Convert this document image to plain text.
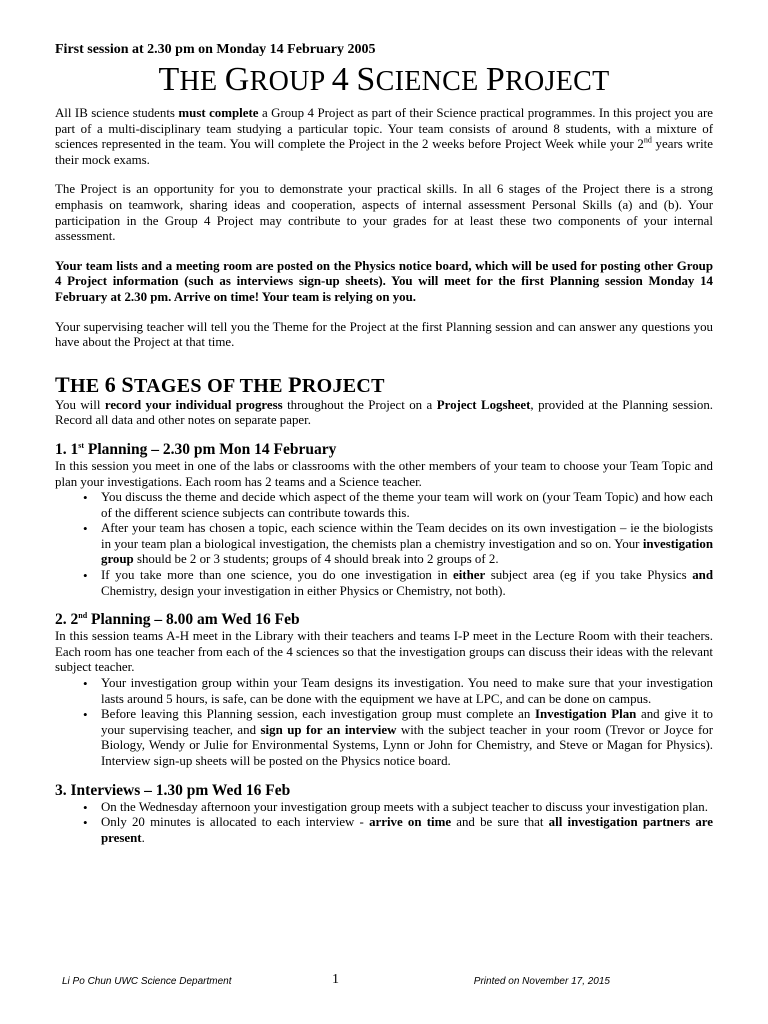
First session at 2.30 pm on Monday 14 February 2005
THE GROUP 4 SCIENCE PROJECT

All IB science students must complete a Group 4 Project as part of their Science practical programmes. In this project you are part of a multi-disciplinary team studying a particular topic. Your team consists of around 8 students, with a mixture of sciences represented in the team. You will complete the Project in the 2 weeks before Project Week while your 2nd years write their mock exams.

The Project is an opportunity for you to demonstrate your practical skills. In all 6 stages of the Project there is a strong emphasis on teamwork, sharing ideas and cooperation, aspects of internal assessment Personal Skills (a) and (b). Your participation in the Group 4 Project may contribute to your grades for at least these two components of your internal assessment.

Your team lists and a meeting room are posted on the Physics notice board, which will be used for posting other Group 4 Project information (such as interviews sign-up sheets). You will meet for the first Planning session Monday 14 February at 2.30 pm. Arrive on time! Your team is relying on you.

Your supervising teacher will tell you the Theme for the Project at the first Planning session and can answer any questions you have about the Project at that time.

THE 6 STAGES OF THE PROJECT

You will record your individual progress throughout the Project on a Project Logsheet, provided at the Planning session. Record all data and other notes on separate paper.

1. 1st Planning – 2.30 pm Mon 14 February

In this session you meet in one of the labs or classrooms with the other members of your team to choose your Team Topic and plan your investigations. Each room has 2 teams and a Science teacher.

• You discuss the theme and decide which aspect of the theme your team will work on (your Team Topic) and how each of the different science subjects can contribute towards this.
• After your team has chosen a topic, each science within the Team decides on its own investigation – ie the biologists in your team plan a biological investigation, the chemists plan a chemistry investigation and so on. Your investigation group should be 2 or 3 students; groups of 4 should break into 2 groups of 2.
• If you take more than one science, you do one investigation in either subject area (eg if you take Physics and Chemistry, design your investigation in either Physics or Chemistry, not both).
2. 2nd Planning – 8.00 am Wed 16 Feb

In this session teams A-H meet in the Library with their teachers and teams I-P meet in the Lecture Room with their teachers. Each room has one teacher from each of the 4 sciences so that the investigation groups can discuss their ideas with the relevant subject teacher.

• Your investigation group within your Team designs its investigation. You need to make sure that your investigation lasts around 5 hours, is safe, can be done with the equipment we have at LPC, and can be done on campus.
• Before leaving this Planning session, each investigation group must complete an Investigation Plan and give it to your supervising teacher, and sign up for an interview with the subject teacher in your room (Trevor or Joyce for Biology, Wendy or Julie for Environmental Systems, Lynn or John for Chemistry, and Steve or Magan for Physics). Interview sign-up sheets will be posted on the Physics notice board.
3. Interviews – 1.30 pm Wed 16 Feb
• On the Wednesday afternoon your investigation group meets with a subject teacher to discuss your investigation plan.
• Only 20 minutes is allocated to each interview - arrive on time and be sure that all investigation partners are present.
Li Po Chun UWC Science Department	1	Printed on November 17, 2015
